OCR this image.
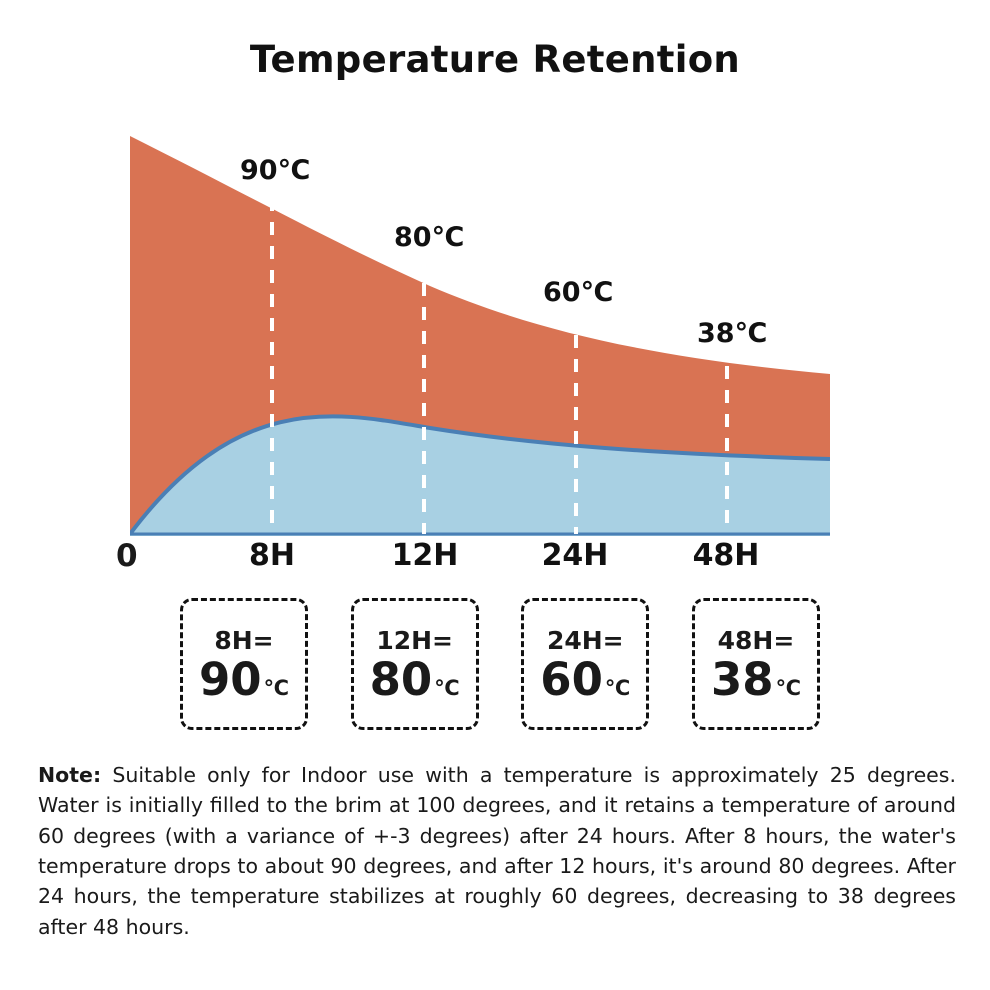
Temperature Retention
90℃
80℃
60℃
38℃
0	8H	12H	24H	48H
8H=
90 ℃
12H=
80 ℃
24H=
60 ℃
48H=
38 ℃
Note: Suitable only for Indoor use with a temperature is approximately 25 degrees. Water is initially filled to the brim at 100 degrees, and it retains a temperature of around 60 degrees (with a variance of +-3 degrees) after 24 hours. After 8 hours, the water's temperature drops to about 90 degrees, and after 12 hours, it's around 80 degrees. After 24 hours, the temperature stabilizes at roughly 60 degrees, decreasing to 38 degrees after 48 hours.
